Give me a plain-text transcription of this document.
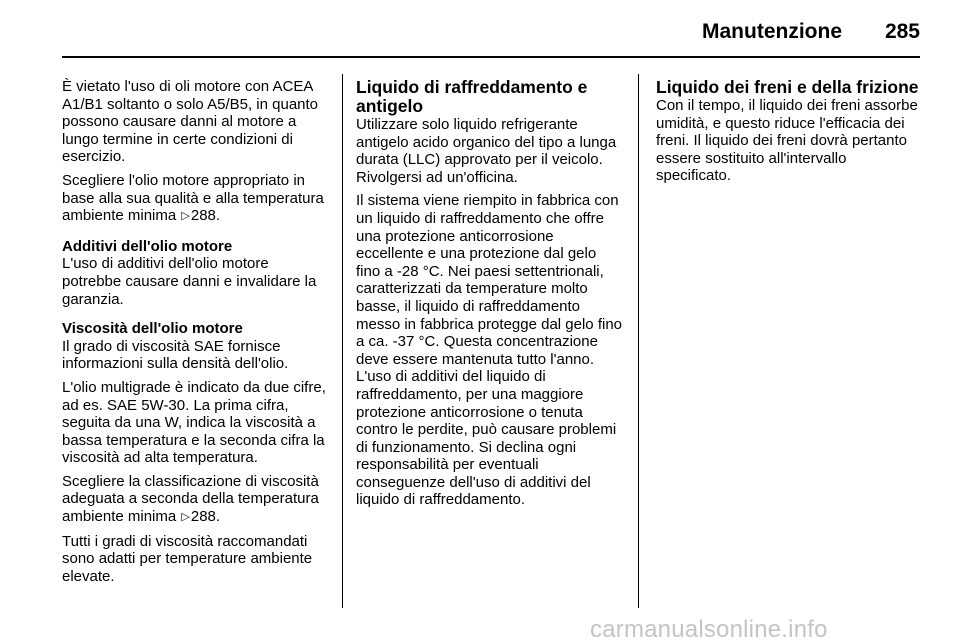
Manutenzione 285

È vietato l'uso di oli motore con ACEA A1/B1 soltanto o solo A5/B5, in quanto possono causare danni al motore a lungo termine in certe condizioni di esercizio.

Scegliere l'olio motore appropriato in base alla sua qualità e alla temperatura ambiente minima ▷288.

Additivi dell'olio motore

L'uso di additivi dell'olio motore potrebbe causare danni e invalidare la garanzia.

Viscosità dell'olio motore

Il grado di viscosità SAE fornisce informazioni sulla densità dell'olio.

L'olio multigrade è indicato da due cifre, ad es. SAE 5W-30. La prima cifra, seguita da una W, indica la viscosità a bassa temperatura e la seconda cifra la viscosità ad alta temperatura.

Scegliere la classificazione di viscosità adeguata a seconda della temperatura ambiente minima ▷288.

Tutti i gradi di viscosità raccomandati sono adatti per temperature ambiente elevate.

Liquido di raffreddamento e antigelo

Utilizzare solo liquido refrigerante antigelo acido organico del tipo a lunga durata (LLC) approvato per il veicolo. Rivolgersi ad un'officina.

Il sistema viene riempito in fabbrica con un liquido di raffreddamento che offre una protezione anticorrosione eccellente e una protezione dal gelo fino a -28 °C. Nei paesi settentrionali, caratterizzati da temperature molto basse, il liquido di raffreddamento messo in fabbrica protegge dal gelo fino a ca. -37 °C. Questa concentrazione deve essere mantenuta tutto l'anno. L'uso di additivi del liquido di raffreddamento, per una maggiore protezione anticorrosione o tenuta contro le perdite, può causare problemi di funzionamento. Si declina ogni responsabilità per eventuali conseguenze dell'uso di additivi del liquido di raffreddamento.

Liquido dei freni e della frizione

Con il tempo, il liquido dei freni assorbe umidità, e questo riduce l'efficacia dei freni. Il liquido dei freni dovrà pertanto essere sostituito all'intervallo specificato.

carmanualsonline.info
